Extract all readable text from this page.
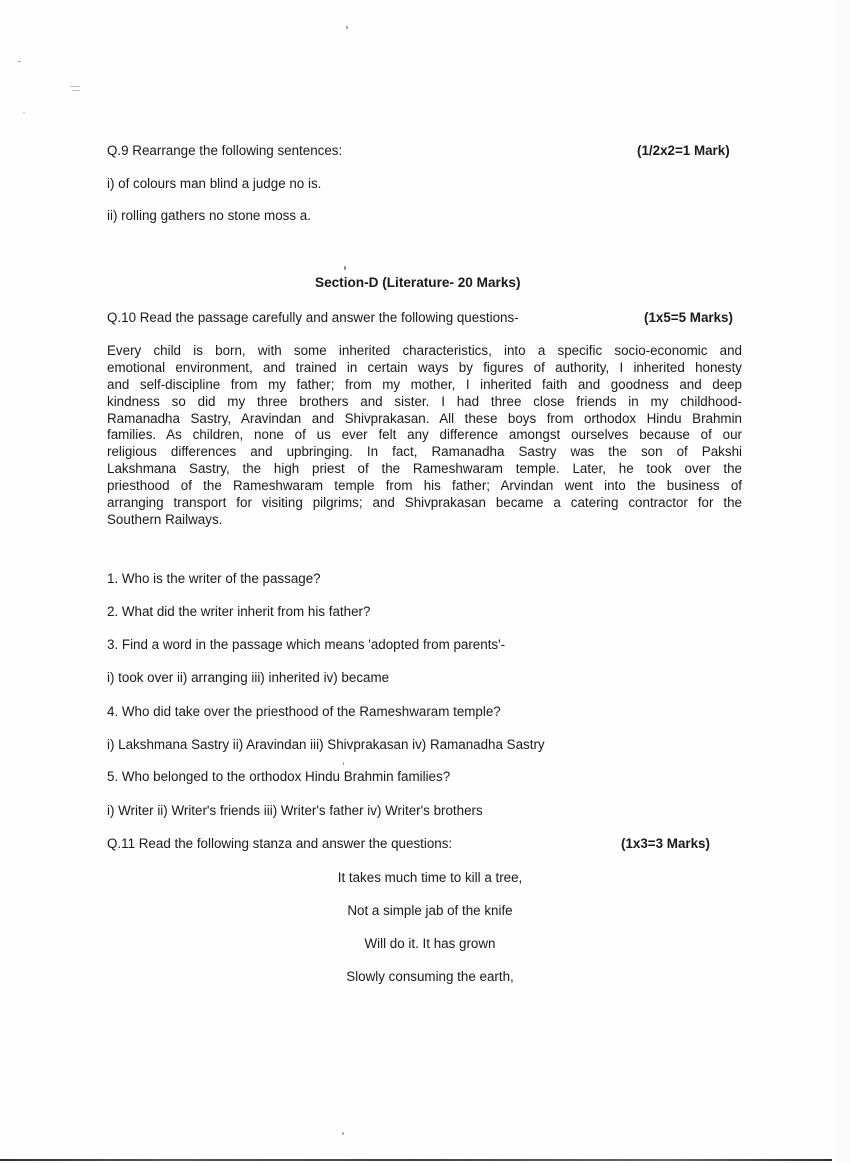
Q.9 Rearrange the following sentences:	(1/2x2=1 Mark)
i) of colours man blind a judge no is.
ii) rolling gathers no stone moss a.
Section-D (Literature- 20 Marks)
Q.10 Read the passage carefully and answer the following questions-	(1x5=5 Marks)
Every child is born, with some inherited characteristics, into a specific socio-economic and
emotional environment, and trained in certain ways by figures of authority, I inherited honesty
and self-discipline from my father; from my mother, I inherited faith and goodness and deep
kindness so did my three brothers and sister. I had three close friends in my childhood-
Ramanadha Sastry, Aravindan and Shivprakasan. All these boys from orthodox Hindu Brahmin
families. As children, none of us ever felt any difference amongst ourselves because of our
religious differences and upbringing. In fact, Ramanadha Sastry was the son of Pakshi
Lakshmana Sastry, the high priest of the Rameshwaram temple. Later, he took over the
priesthood of the Rameshwaram temple from his father; Arvindan went into the business of
arranging transport for visiting pilgrims; and Shivprakasan became a catering contractor for the
Southern Railways.
1. Who is the writer of the passage?
2. What did the writer inherit from his father?
3. Find a word in the passage which means 'adopted from parents'-
i) took over ii) arranging iii) inherited iv) became
4. Who did take over the priesthood of the Rameshwaram temple?
i) Lakshmana Sastry ii) Aravindan iii) Shivprakasan iv) Ramanadha Sastry
5. Who belonged to the orthodox Hindu Brahmin families?
i) Writer ii) Writer's friends iii) Writer's father iv) Writer's brothers
Q.11 Read the following stanza and answer the questions:	(1x3=3 Marks)
It takes much time to kill a tree,
Not a simple jab of the knife
Will do it. It has grown
Slowly consuming the earth,
